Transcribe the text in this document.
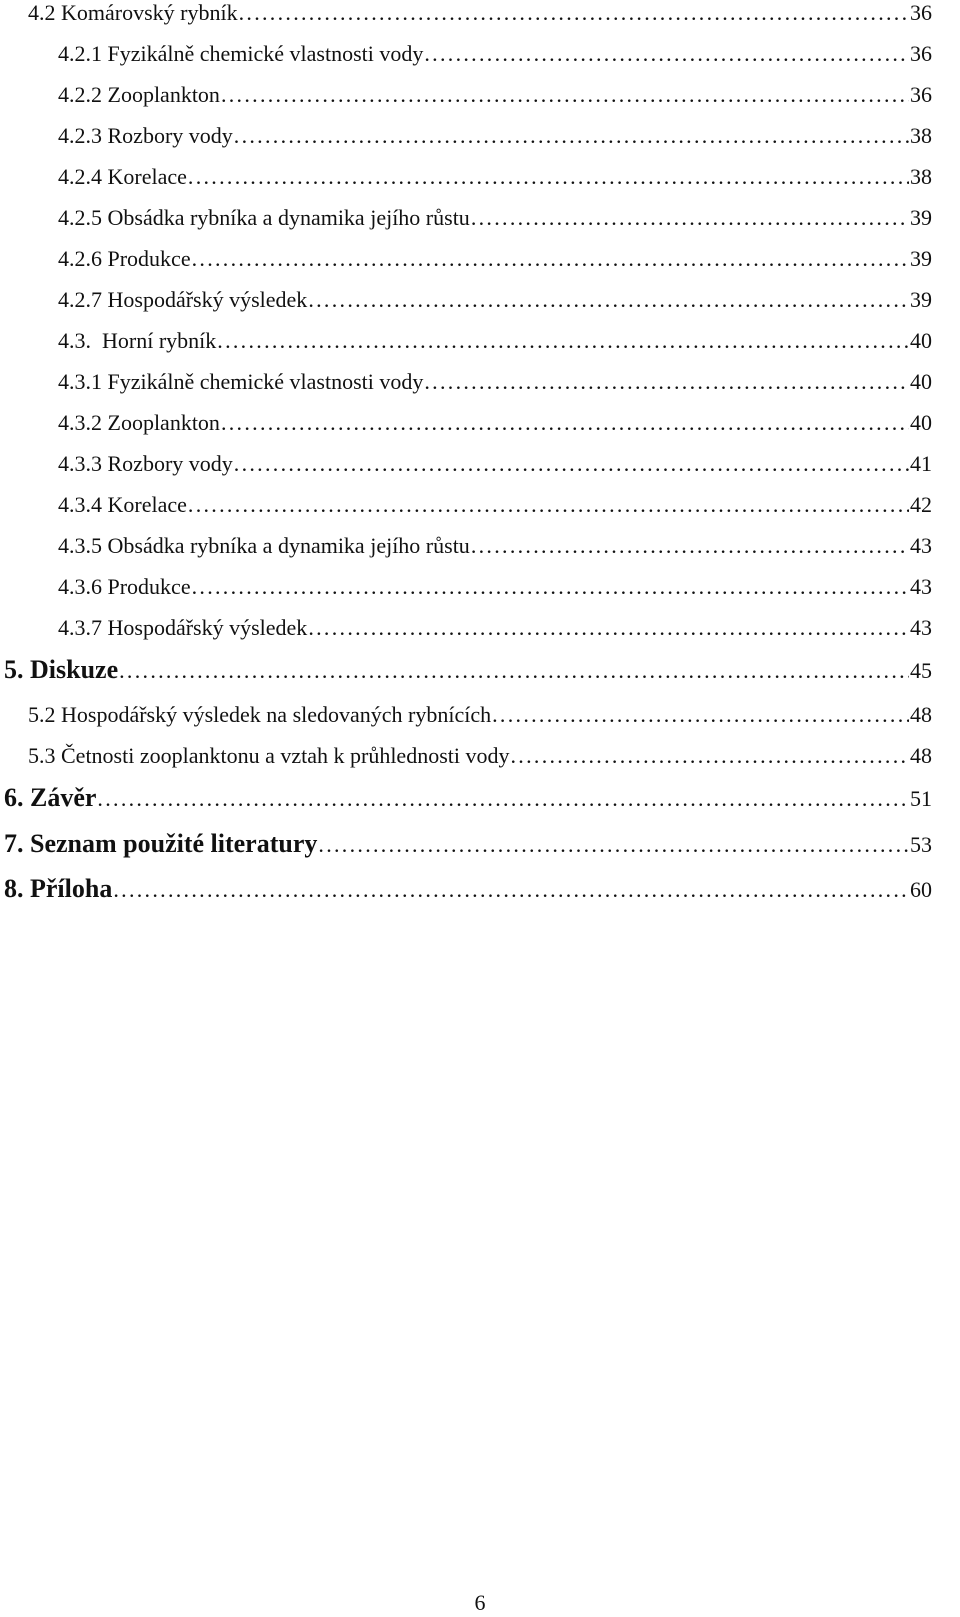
4.2 Komárovský rybník . . .	36
4.2.1 Fyzikálně chemické vlastnosti vody . . .	36
4.2.2 Zooplankton . . .	36
4.2.3 Rozbory vody . . .	38
4.2.4 Korelace . . .	38
4.2.5 Obsádka rybníka a dynamika jejího růstu . . .	39
4.2.6 Produkce . . .	39
4.2.7 Hospodářský výsledek . . .	39
4.3.  Horní rybník . . .	40
4.3.1 Fyzikálně chemické vlastnosti vody . . .	40
4.3.2 Zooplankton . . .	40
4.3.3 Rozbory vody . . .	41
4.3.4 Korelace . . .	42
4.3.5 Obsádka rybníka a dynamika jejího růstu . . .	43
4.3.6 Produkce . . .	43
4.3.7 Hospodářský výsledek . . .	43
5. Diskuze . . .	45
5.2 Hospodářský výsledek na sledovaných rybnících . . .	48
5.3 Četnosti zooplanktonu a vztah k průhlednosti vody . . .	48
6. Závěr . . .	51
7. Seznam použité literatury . . .	53
8. Příloha . . .	60
6
